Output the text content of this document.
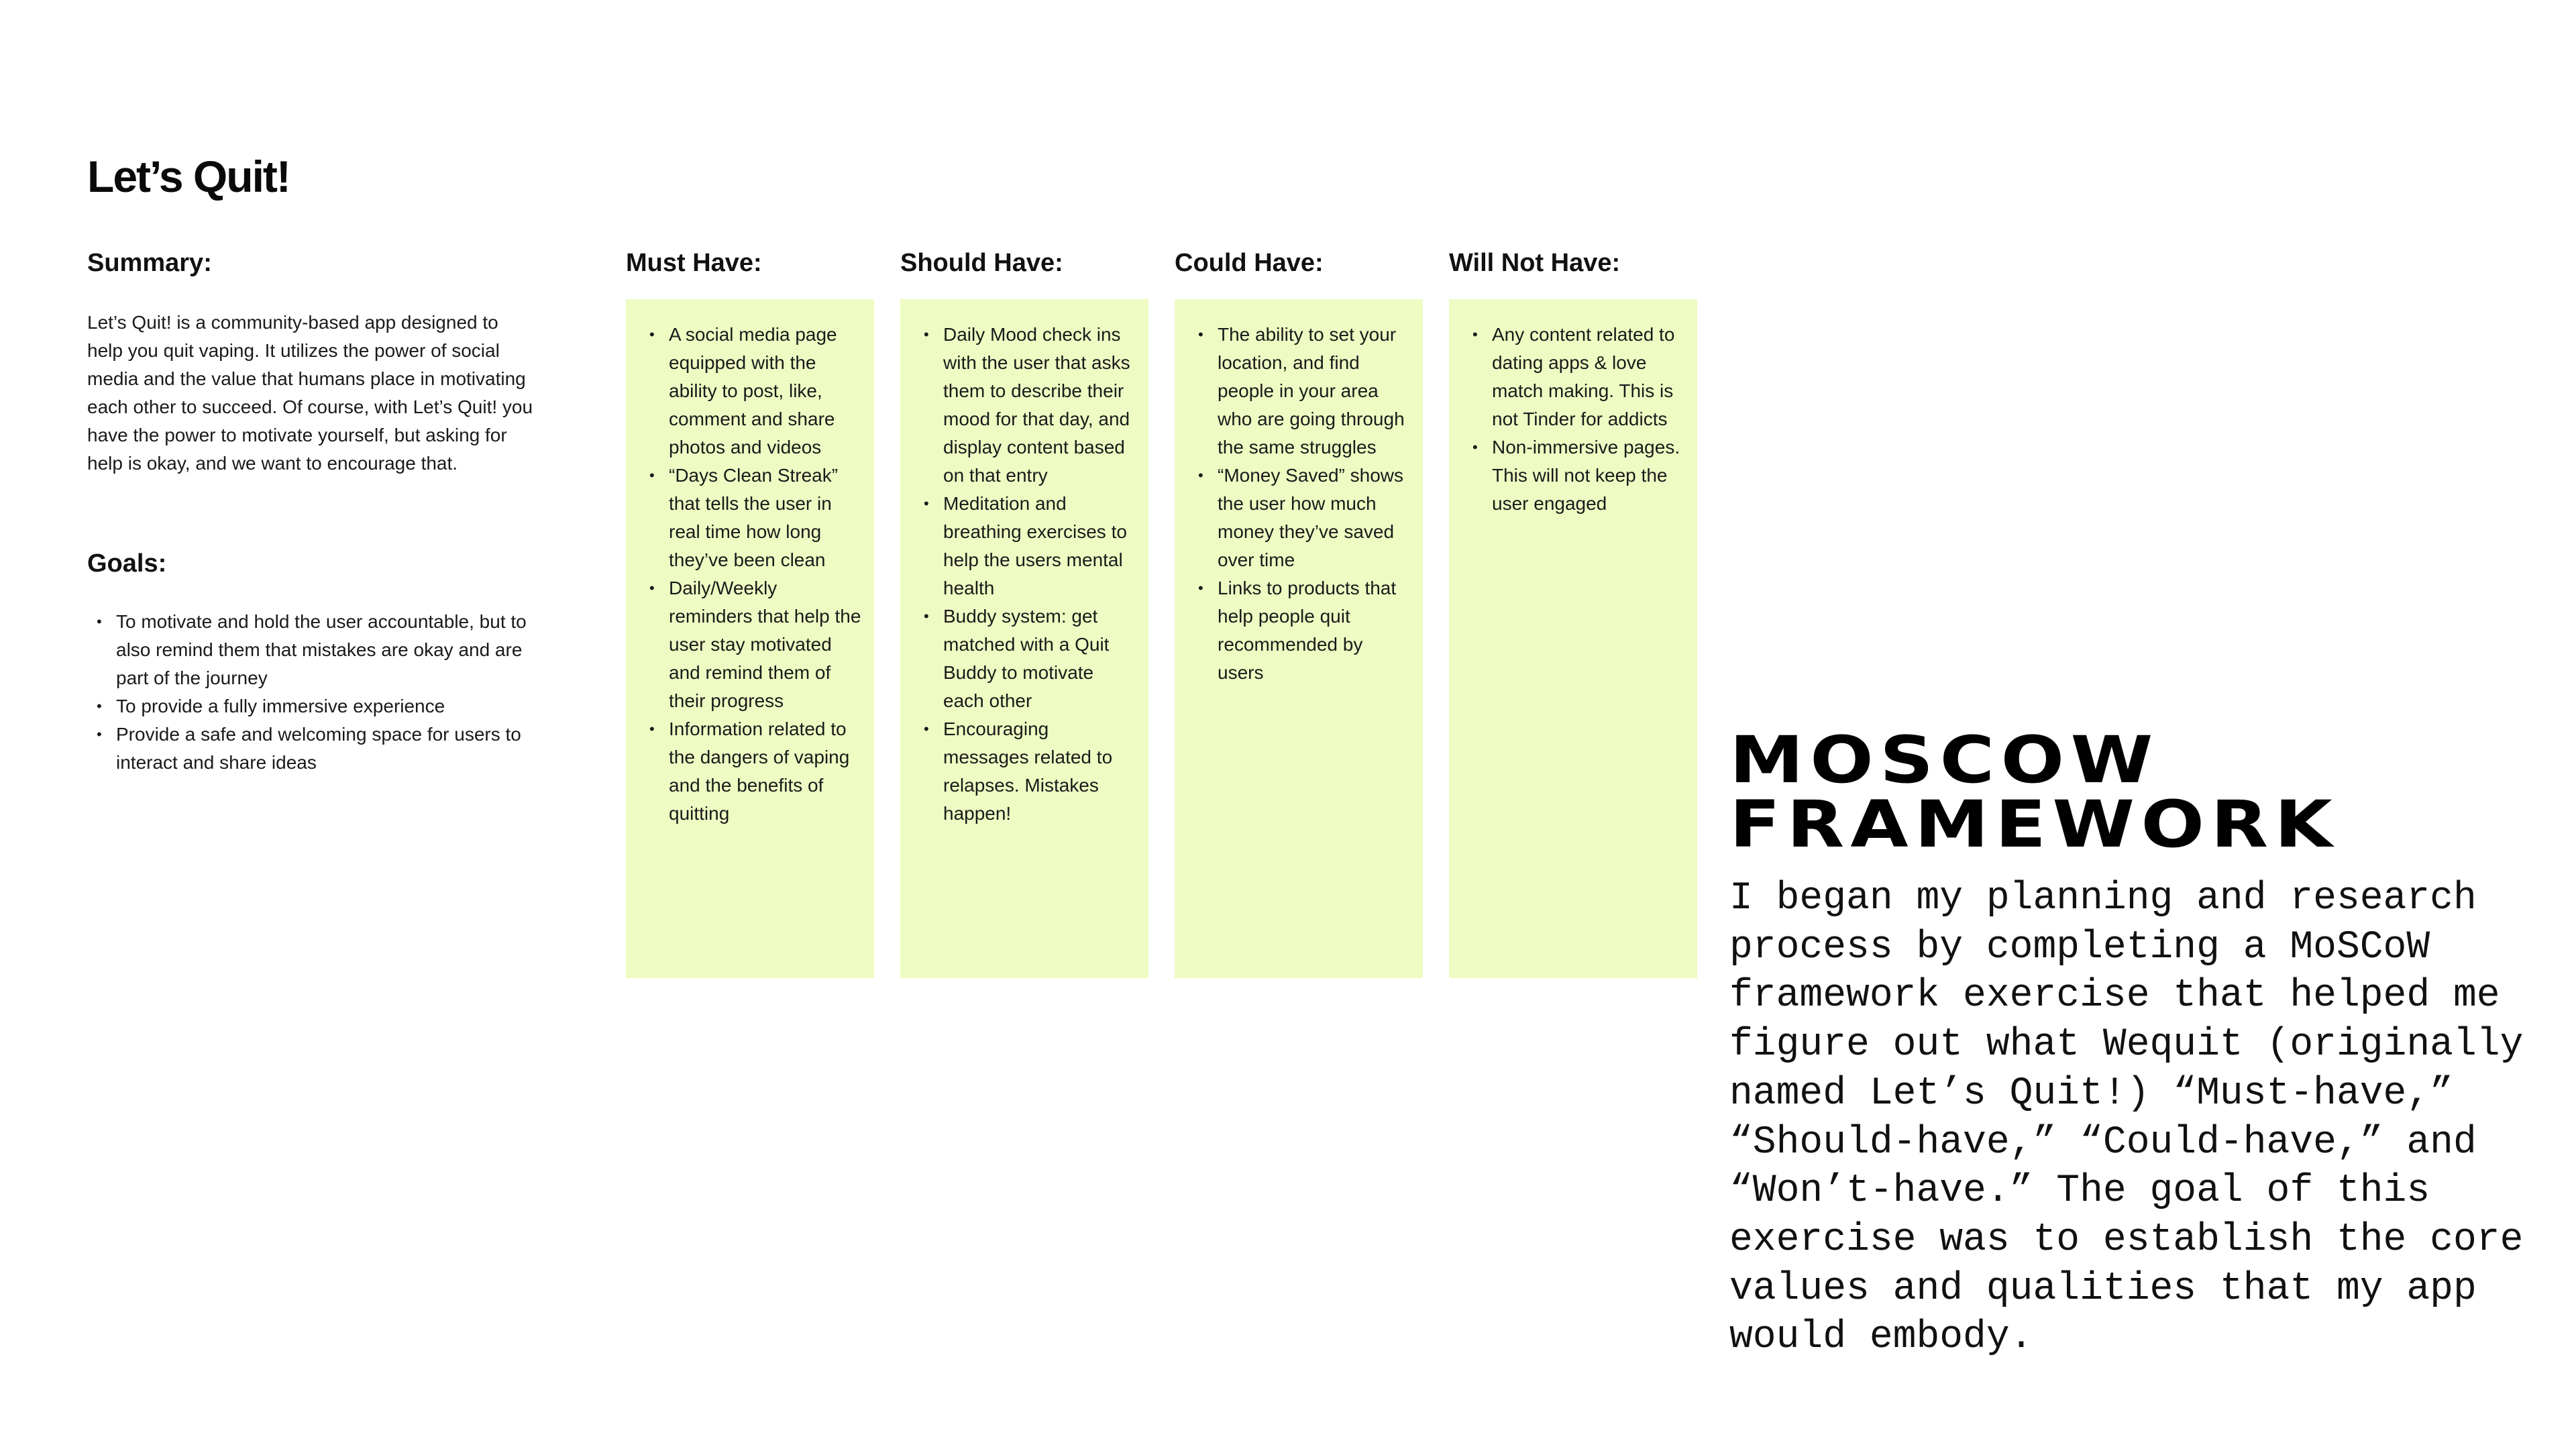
Let’s Quit!
Summary:

Let’s Quit! is a community-based app designed to help you quit vaping. It utilizes the power of social media and the value that humans place in motivating each other to succeed. Of course, with Let’s Quit! you have the power to motivate yourself, but asking for help is okay, and we want to encourage that.

Goals:
• To motivate and hold the user accountable, but to also remind them that mistakes are okay and are part of the journey
• To provide a fully immersive experience
• Provide a safe and welcoming space for users to interact and share ideas
Must Have:
• A social media page equipped with the ability to post, like, comment and share photos and videos
• “Days Clean Streak” that tells the user in real time how long they’ve been clean
• Daily/Weekly reminders that help the user stay motivated and remind them of their progress
• Information related to the dangers of vaping and the benefits of quitting
Should Have:
• Daily Mood check ins with the user that asks them to describe their mood for that day, and display content based on that entry
• Meditation and breathing exercises to help the users mental health
• Buddy system: get matched with a Quit Buddy to motivate each other
• Encouraging messages related to relapses. Mistakes happen!
Could Have:
• The ability to set your location, and find people in your area who are going through the same struggles
• “Money Saved” shows the user how much money they’ve saved over time
• Links to products that help people quit recommended by users
Will Not Have:
• Any content related to dating apps & love match making. This is not Tinder for addicts
• Non-immersive pages. This will not keep the user engaged
MOSCOW
FRAMEWORK

I began my planning and research process by completing a MoSCoW framework exercise that helped me figure out what Wequit (originally named Let’s Quit!) “Must-have,” “Should-have,” “Could-have,” and “Won’t-have.” The goal of this exercise was to establish the core values and qualities that my app would embody.
